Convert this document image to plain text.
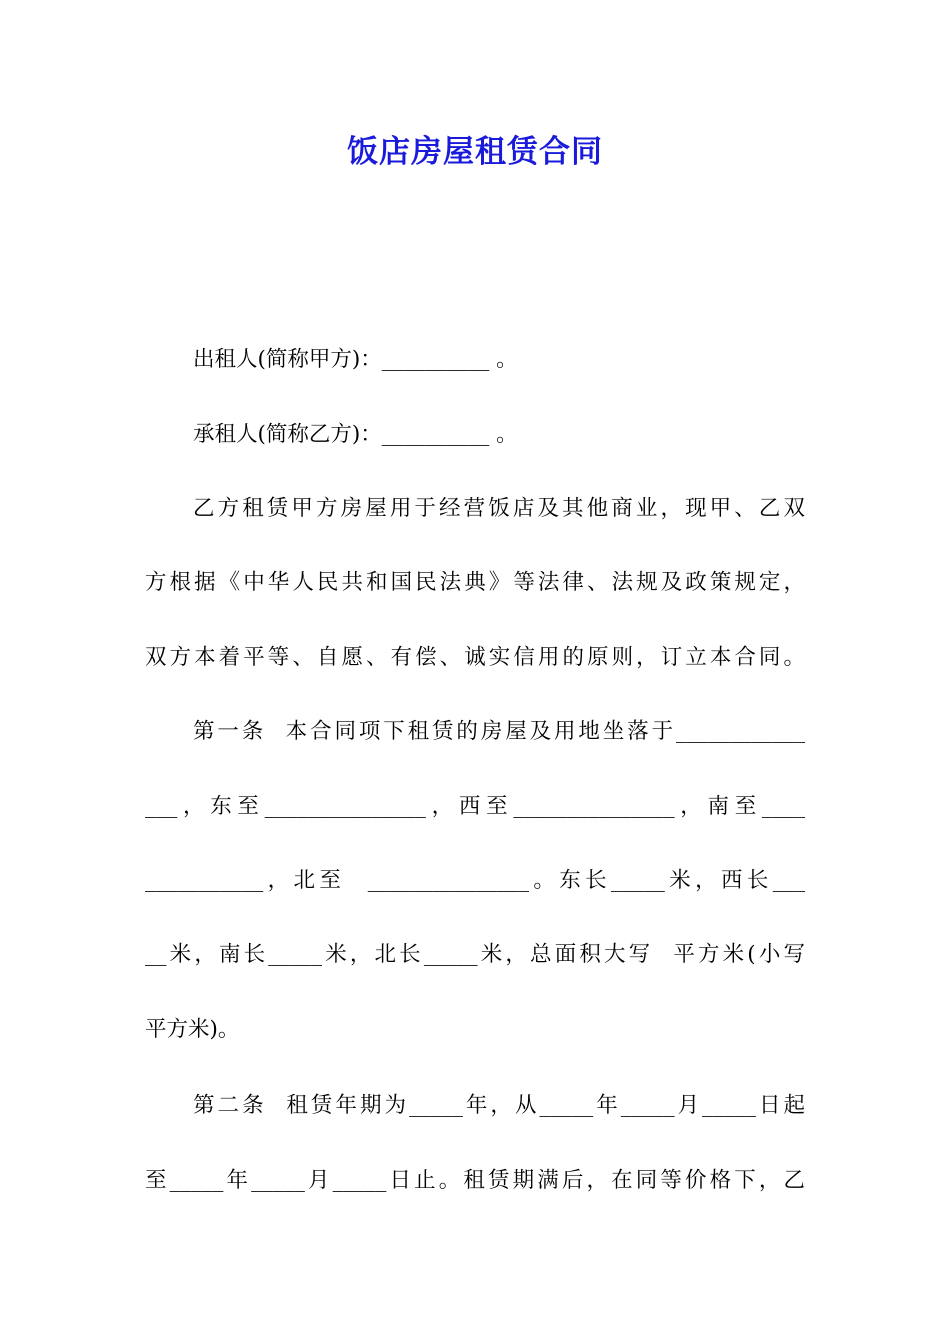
饭店房屋租赁合同
出租人(简称甲方)：__________ 。
承租人(简称乙方)：__________ 。
乙方租赁甲方房屋用于经营饭店及其他商业，现甲、乙双
方根据《中华人民共和国民法典》等法律、法规及政策规定，
双方本着平等、自愿、有偿、诚实信用的原则，订立本合同。
第一条  本合同项下租赁的房屋及用地坐落于____________
___，东至_______________，西至_______________，南至____
___________，北至  _______________。东长_____米，西长___
__米，南长_____米，北长_____米，总面积大写  平方米(小写
平方米)。
第二条  租赁年期为_____年，从_____年_____月_____日起
至_____年_____月_____日止。租赁期满后，在同等价格下，乙
